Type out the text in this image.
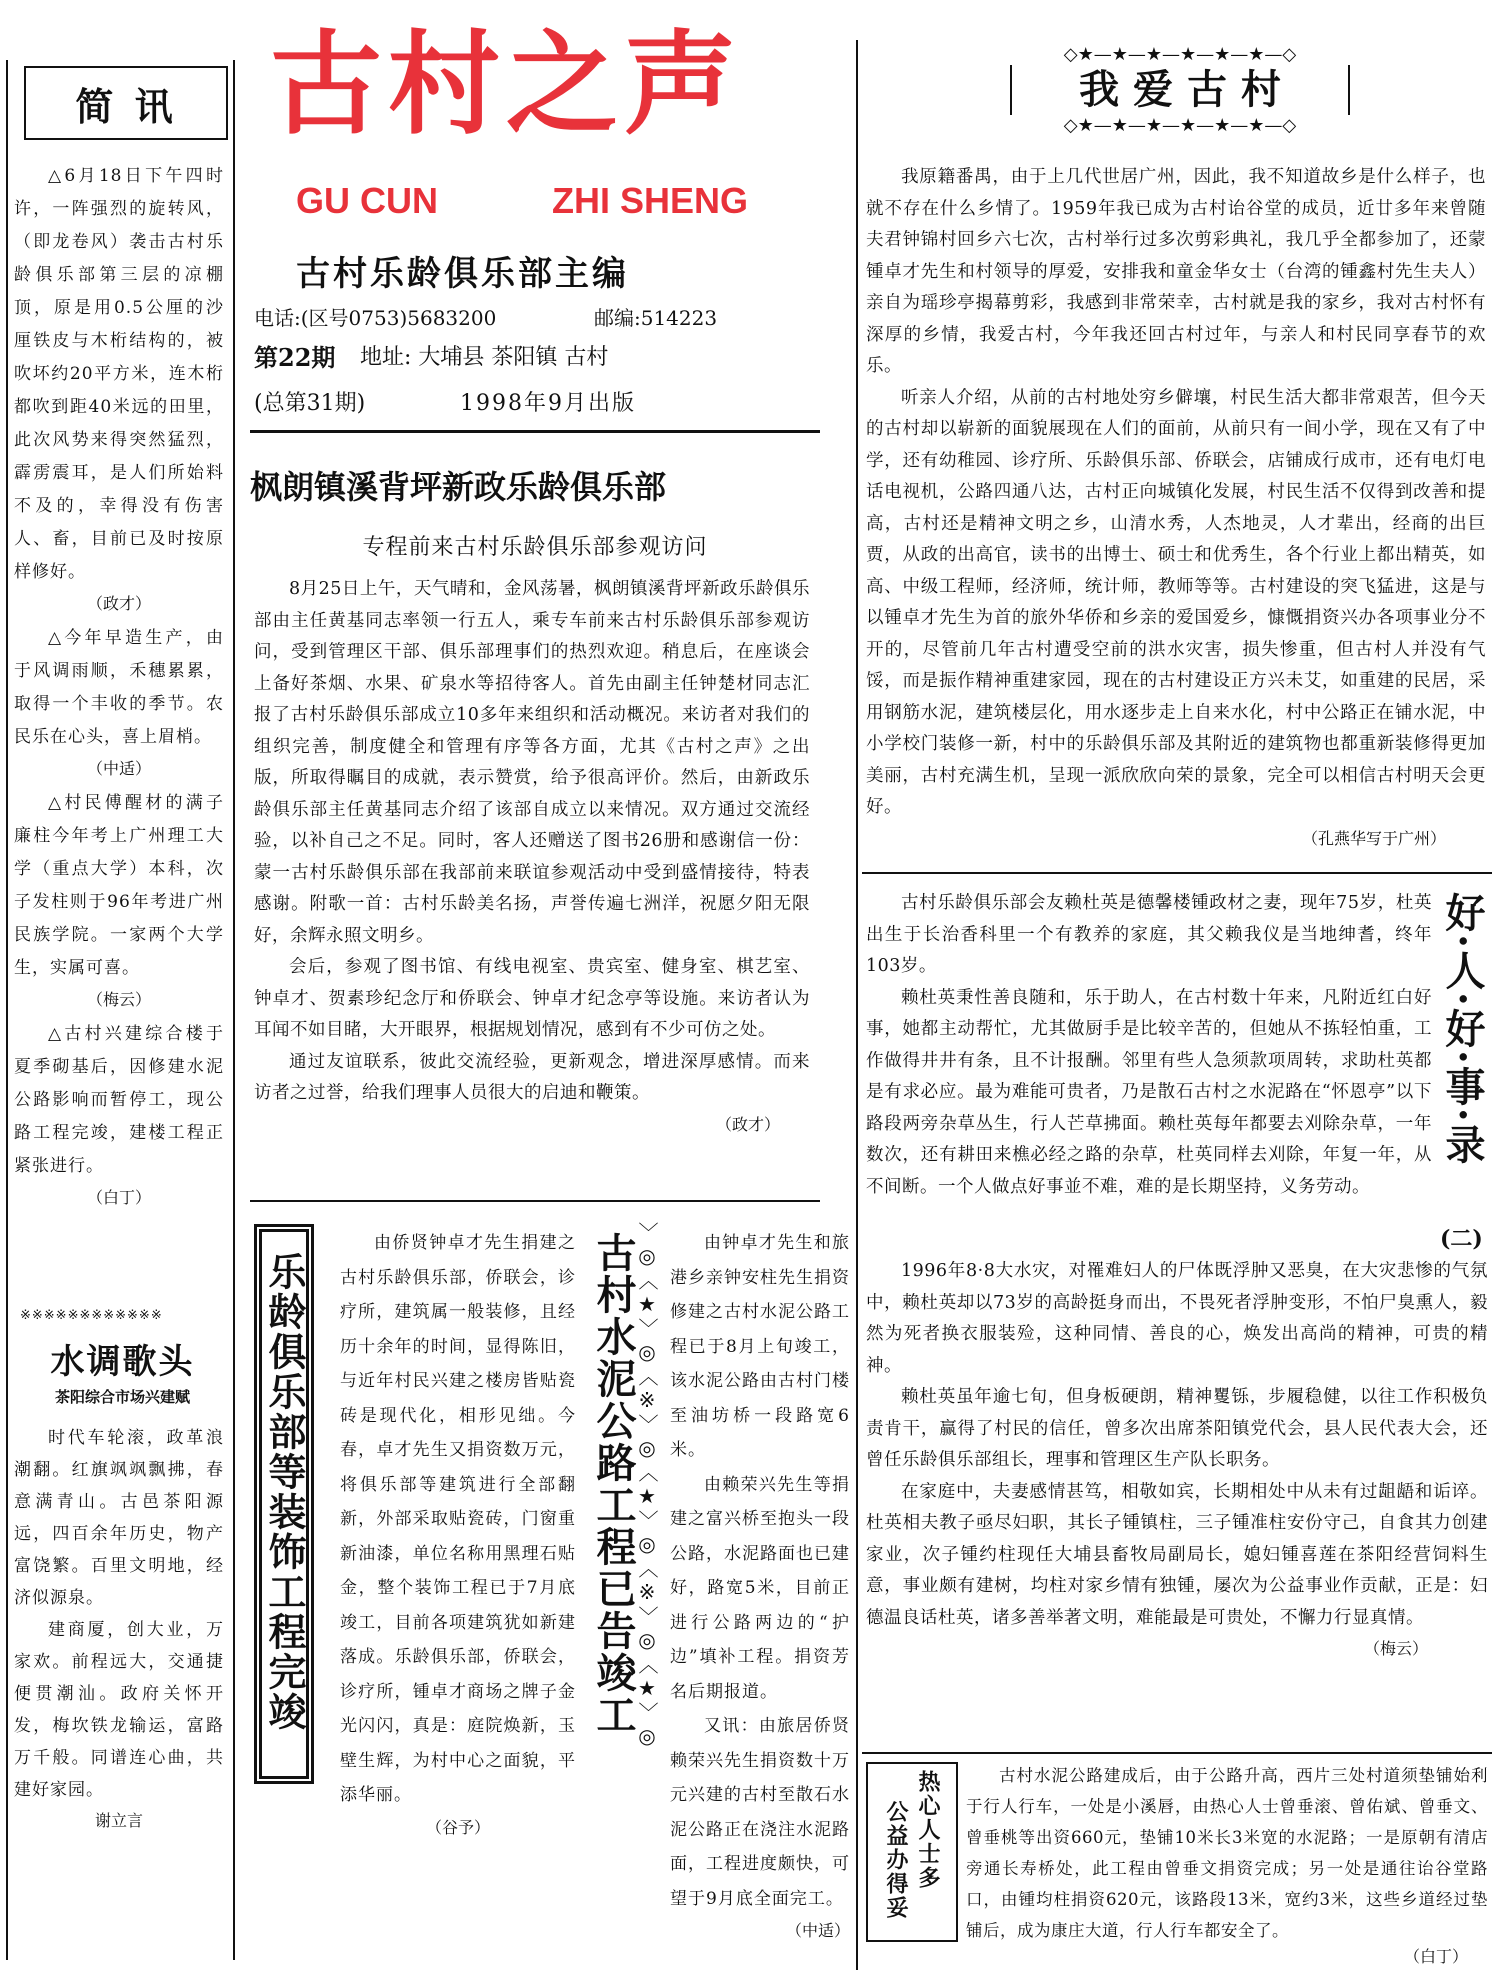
简 讯

△6月18日下午四时许，一阵强烈的旋转风，（即龙卷风）袭击古村乐龄俱乐部第三层的凉棚顶，原是用0.5公厘的沙厘铁皮与木桁结构的，被吹坏约20平方米，连木桁都吹到距40米远的田里，此次风势来得突然猛烈，霹雳震耳，是人们所始料不及的，幸得没有伤害人、畜，目前已及时按原样修好。

（政才）

△今年早造生产，由于风调雨顺，禾穗累累，取得一个丰收的季节。农民乐在心头，喜上眉梢。

（中适）

△村民傅醒材的满子廉柱今年考上广州理工大学（重点大学）本科，次子发柱则于96年考进广州民族学院。一家两个大学生，实属可喜。

（梅云）

△古村兴建综合楼于夏季砌基后，因修建水泥公路影响而暂停工，现公路工程完竣，建楼工程正紧张进行。

（白丁）

※※※※※※※※※※※※
水调歌头
茶阳综合市场兴建赋

时代车轮滚，政革浪潮翻。红旗飒飒飘拂，春意满青山。古邑茶阳源远，四百余年历史，物产富饶繁。百里文明地，经济似源泉。

建商厦，创大业，万家欢。前程远大，交通捷便贯潮汕。政府关怀开发，梅坎铁龙输运，富路万千般。同谱连心曲，共建好家园。

谢立言

古村之声
GU CUN	ZHI SHENG
古村乐龄俱乐部主编
电话:(区号0753)5683200	邮编:514223
第22期 地址: 大埔县 茶阳镇 古村
(总第31期)	1998年9月出版
枫朗镇溪背坪新政乐龄俱乐部
专程前来古村乐龄俱乐部参观访问

8月25日上午，天气晴和，金风荡暑，枫朗镇溪背坪新政乐龄俱乐部由主任黄基同志率领一行五人，乘专车前来古村乐龄俱乐部参观访问，受到管理区干部、俱乐部理事们的热烈欢迎。稍息后，在座谈会上备好茶烟、水果、矿泉水等招待客人。首先由副主任钟楚材同志汇报了古村乐龄俱乐部成立10多年来组织和活动概况。来访者对我们的组织完善，制度健全和管理有序等各方面，尤其《古村之声》之出版，所取得瞩目的成就，表示赞赏，给予很高评价。然后，由新政乐龄俱乐部主任黄基同志介绍了该部自成立以来情况。双方通过交流经验，以补自己之不足。同时，客人还赠送了图书26册和感谢信一份：蒙一古村乐龄俱乐部在我部前来联谊参观活动中受到盛情接待，特表感谢。附歌一首：古村乐龄美名扬，声誉传遍七洲洋，祝愿夕阳无限好，余辉永照文明乡。

会后，参观了图书馆、有线电视室、贵宾室、健身室、棋艺室、钟卓才、贺素珍纪念厅和侨联会、钟卓才纪念亭等设施。来访者认为耳闻不如目睹，大开眼界，根据规划情况，感到有不少可仿之处。

通过友谊联系，彼此交流经验，更新观念，增进深厚感情。而来访者之过誉，给我们理事人员很大的启迪和鞭策。

（政才）

乐龄俱乐部等装饰工程完竣

由侨贤钟卓才先生捐建之古村乐龄俱乐部，侨联会，诊疗所，建筑属一般装修，且经历十余年的时间，显得陈旧，与近年村民兴建之楼房皆贴瓷砖是现代化，相形见绌。今春，卓才先生又捐资数万元，将俱乐部等建筑进行全部翻新，外部采取贴瓷砖，门窗重新油漆，单位名称用黑理石贴金，整个装饰工程已于7月底竣工，目前各项建筑犹如新建落成。乐龄俱乐部，侨联会，诊疗所，锺卓才商场之牌子金光闪闪，真是：庭院焕新，玉壁生辉，为村中心之面貌，平添华丽。

（谷予）

古村水泥公路工程已告竣工
〉◎〈★〉◎〈※〉◎〈★〉◎〈※〉◎〈★〉◎	由钟卓才先生和旅港乡亲钟安柱先生捐资修建之古村水泥公路工程已于8月上旬竣工，该水泥公路由古村门楼至油坊桥一段路宽6米。

由赖荣兴先生等捐建之富兴桥至抱头一段公路，水泥路面也已建好，路宽5米，目前正进行公路两边的“护边”填补工程。捐资芳名后期报道。

又讯：由旅居侨贤赖荣兴先生捐资数十万元兴建的古村至散石水泥公路正在浇注水泥路面，工程进度颇快，可望于9月底全面完工。

（中适）

◇★—★—★—★—★—★—◇
我 爱 古 村
◇★—★—★—★—★—★—◇

我原籍番禺，由于上几代世居广州，因此，我不知道故乡是什么样子，也就不存在什么乡情了。1959年我已成为古村诒谷堂的成员，近廿多年来曾随夫君钟锦村回乡六七次，古村举行过多次剪彩典礼，我几乎全都参加了，还蒙锺卓才先生和村领导的厚爱，安排我和童金华女士（台湾的锺鑫村先生夫人）亲自为瑶珍亭揭幕剪彩，我感到非常荣幸，古村就是我的家乡，我对古村怀有深厚的乡情，我爱古村，今年我还回古村过年，与亲人和村民同享春节的欢乐。

听亲人介绍，从前的古村地处穷乡僻壤，村民生活大都非常艰苦，但今天的古村却以崭新的面貌展现在人们的面前，从前只有一间小学，现在又有了中学，还有幼稚园、诊疗所、乐龄俱乐部、侨联会，店铺成行成市，还有电灯电话电视机，公路四通八达，古村正向城镇化发展，村民生活不仅得到改善和提高，古村还是精神文明之乡，山清水秀，人杰地灵，人才辈出，经商的出巨贾，从政的出高官，读书的出博士、硕士和优秀生，各个行业上都出精英，如高、中级工程师，经济师，统计师，教师等等。古村建设的突飞猛进，这是与以锺卓才先生为首的旅外华侨和乡亲的爱国爱乡，慷慨捐资兴办各项事业分不开的，尽管前几年古村遭受空前的洪水灾害，损失惨重，但古村人并没有气馁，而是振作精神重建家园，现在的古村建设正方兴未艾，如重建的民居，采用钢筋水泥，建筑楼层化，用水逐步走上自来水化，村中公路正在铺水泥，中小学校门装修一新，村中的乐龄俱乐部及其附近的建筑物也都重新装修得更加美丽，古村充满生机，呈现一派欣欣向荣的景象，完全可以相信古村明天会更好。

（孔燕华写于广州）

好·人·好·事·录
(二)

古村乐龄俱乐部会友赖杜英是德馨楼锺政材之妻，现年75岁，杜英出生于长治香科里一个有教养的家庭，其父赖我仪是当地绅耆，终年103岁。

赖杜英秉性善良随和，乐于助人，在古村数十年来，凡附近红白好事，她都主动帮忙，尤其做厨手是比较辛苦的，但她从不拣轻怕重，工作做得井井有条，且不计报酬。邻里有些人急须款项周转，求助杜英都是有求必应。最为难能可贵者，乃是散石古村之水泥路在“怀恩亭”以下路段两旁杂草丛生，行人芒草拂面。赖杜英每年都要去刈除杂草，一年数次，还有耕田来樵必经之路的杂草，杜英同样去刈除，年复一年，从不间断。一个人做点好事並不难，难的是长期坚持，义务劳动。

1996年8·8大水灾，对罹难妇人的尸体既浮肿又恶臭，在大灾悲惨的气氛中，赖杜英却以73岁的高龄挺身而出，不畏死者浮肿变形，不怕尸臭熏人，毅然为死者换衣服装殓，这种同情、善良的心，焕发出高尚的精神，可贵的精神。

赖杜英虽年逾七旬，但身板硬朗，精神矍铄，步履稳健，以往工作积极负责肯干，赢得了村民的信任，曾多次出席茶阳镇党代会，县人民代表大会，还曾任乐龄俱乐部组长，理事和管理区生产队长职务。

在家庭中，夫妻感情甚笃，相敬如宾，长期相处中从未有过龃龉和诟谇。杜英相夫教子亟尽妇职，其长子锺镇柱，三子锺准柱安份守己，自食其力创建家业，次子锺约柱现任大埔县畜牧局副局长，媳妇锺喜莲在茶阳经营饲料生意，事业颇有建树，均柱对家乡情有独锺，屡次为公益事业作贡献，正是：妇德温良话杜英，诸多善举著文明，难能最是可贵处，不懈力行显真情。

（梅云）

公益办得妥 热心人士多	古村水泥公路建成后，由于公路升高，西片三处村道须垫铺始利于行人行车，一处是小溪唇，由热心人士曾垂滚、曾佑斌、曾垂文、曾垂桃等出资660元，垫铺10米长3米宽的水泥路；一是原朝有清店旁通长寿桥处，此工程由曾垂文捐资完成；另一处是通往诒谷堂路口，由锺均柱捐资620元，该路段13米，宽约3米，这些乡道经过垫铺后，成为康庄大道，行人行车都安全了。

（白丁）
